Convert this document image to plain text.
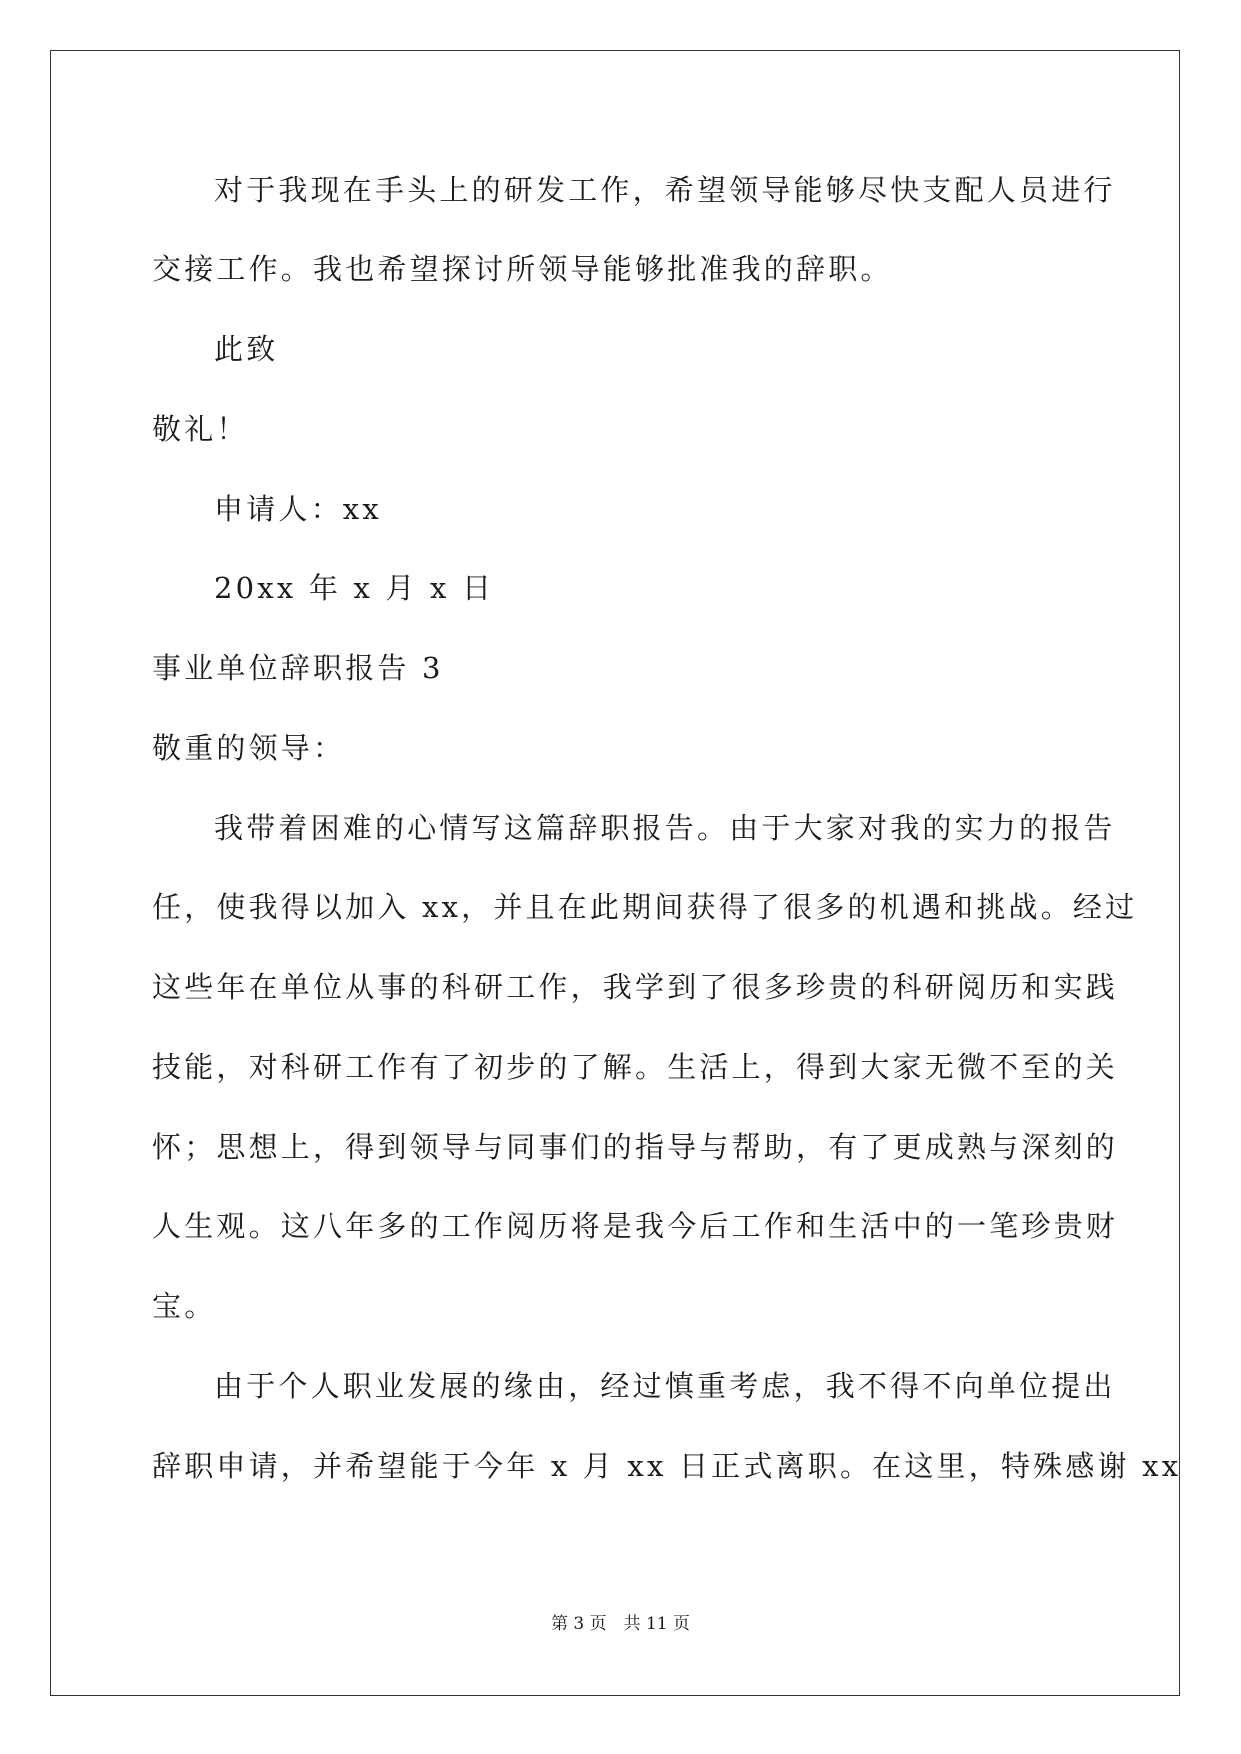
对于我现在手头上的研发工作，希望领导能够尽快支配人员进行

交接工作。我也希望探讨所领导能够批准我的辞职。

此致

敬礼！

申请人：xx

20xx 年 x 月 x 日

事业单位辞职报告 3

敬重的领导：

我带着困难的心情写这篇辞职报告。由于大家对我的实力的报告

任，使我得以加入 xx，并且在此期间获得了很多的机遇和挑战。经过

这些年在单位从事的科研工作，我学到了很多珍贵的科研阅历和实践

技能，对科研工作有了初步的了解。生活上，得到大家无微不至的关

怀；思想上，得到领导与同事们的指导与帮助，有了更成熟与深刻的

人生观。这八年多的工作阅历将是我今后工作和生活中的一笔珍贵财

宝。

由于个人职业发展的缘由，经过慎重考虑，我不得不向单位提出

辞职申请，并希望能于今年 x 月 xx 日正式离职。在这里，特殊感谢 xx

第 3 页　共 11 页
